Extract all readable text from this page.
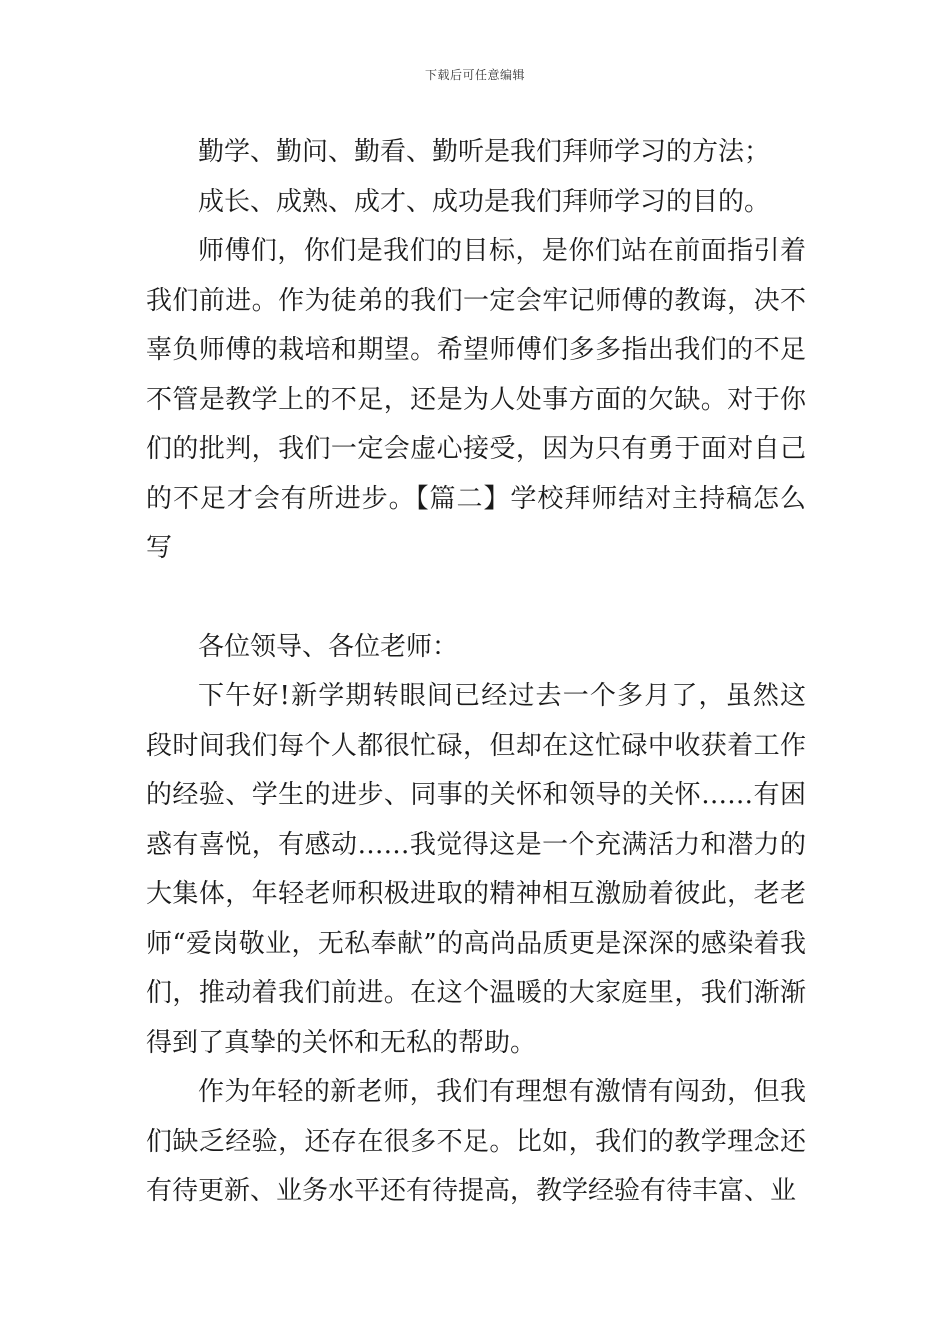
下载后可任意编辑

勤学、勤问、勤看、勤听是我们拜师学习的方法；

成长、成熟、成才、成功是我们拜师学习的目的。

师傅们，你们是我们的目标，是你们站在前面指引着我们前进。作为徒弟的我们一定会牢记师傅的教诲，决不辜负师傅的栽培和期望。希望师傅们多多指出我们的不足不管是教学上的不足，还是为人处事方面的欠缺。对于你们的批判，我们一定会虚心接受，因为只有勇于面对自己的不足才会有所进步。【篇二】学校拜师结对主持稿怎么写

各位领导、各位老师：

下午好!新学期转眼间已经过去一个多月了，虽然这段时间我们每个人都很忙碌，但却在这忙碌中收获着工作的经验、学生的进步、同事的关怀和领导的关怀……有困惑有喜悦，有感动……我觉得这是一个充满活力和潜力的大集体，年轻老师积极进取的精神相互激励着彼此，老老师“爱岗敬业，无私奉献”的高尚品质更是深深的感染着我们，推动着我们前进。在这个温暖的大家庭里，我们渐渐得到了真挚的关怀和无私的帮助。

作为年轻的新老师，我们有理想有激情有闯劲，但我们缺乏经验，还存在很多不足。比如，我们的教学理念还有待更新、业务水平还有待提高，教学经验有待丰富、业
